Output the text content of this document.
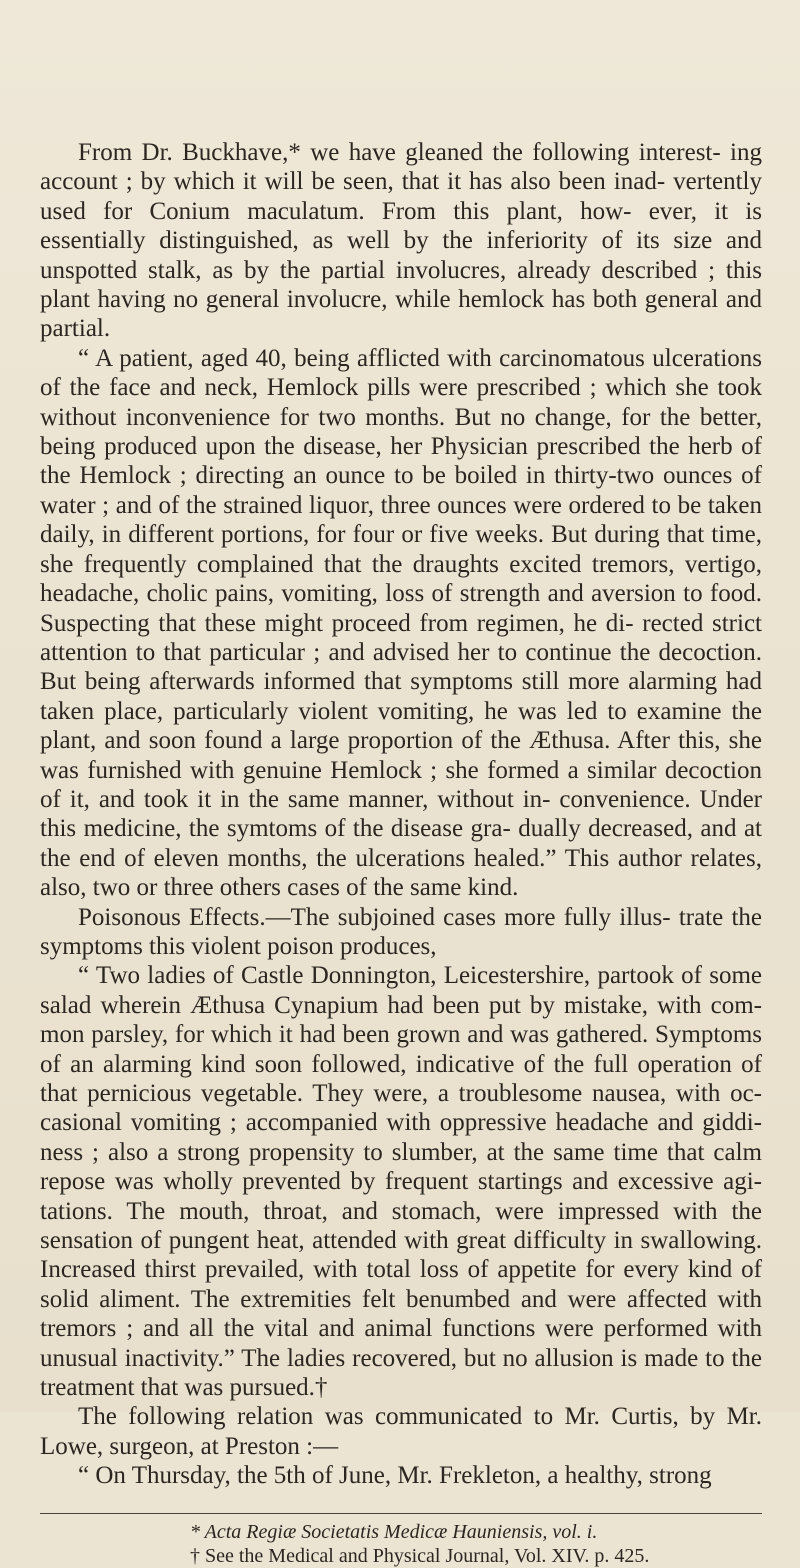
From Dr. Buckhave,* we have gleaned the following interest- ing account ; by which it will be seen, that it has also been inad- vertently used for Conium maculatum. From this plant, how- ever, it is essentially distinguished, as well by the inferiority of its size and unspotted stalk, as by the partial involucres, already described ; this plant having no general involucre, while hemlock has both general and partial.

“ A patient, aged 40, being afflicted with carcinomatous ulcerations of the face and neck, Hemlock pills were prescribed ; which she took without inconvenience for two months. But no change, for the better, being produced upon the disease, her Physician prescribed the herb of the Hemlock ; directing an ounce to be boiled in thirty-two ounces of water ; and of the strained liquor, three ounces were ordered to be taken daily, in different portions, for four or five weeks. But during that time, she frequently complained that the draughts excited tremors, vertigo, headache, cholic pains, vomiting, loss of strength and aversion to food. Suspecting that these might proceed from regimen, he di- rected strict attention to that particular ; and advised her to continue the decoction. But being afterwards informed that symptoms still more alarming had taken place, particularly violent vomiting, he was led to examine the plant, and soon found a large proportion of the Æthusa. After this, she was furnished with genuine Hemlock ; she formed a similar decoction of it, and took it in the same manner, without in- convenience. Under this medicine, the symtoms of the disease gra- dually decreased, and at the end of eleven months, the ulcerations healed.” This author relates, also, two or three others cases of the same kind.

Poisonous Effects.—The subjoined cases more fully illus- trate the symptoms this violent poison produces,

“ Two ladies of Castle Donnington, Leicestershire, partook of some salad wherein Æthusa Cynapium had been put by mistake, with com- mon parsley, for which it had been grown and was gathered. Symptoms of an alarming kind soon followed, indicative of the full operation of that pernicious vegetable. They were, a troublesome nausea, with oc- casional vomiting ; accompanied with oppressive headache and giddi- ness ; also a strong propensity to slumber, at the same time that calm repose was wholly prevented by frequent startings and excessive agi- tations. The mouth, throat, and stomach, were impressed with the sensation of pungent heat, attended with great difficulty in swallowing. Increased thirst prevailed, with total loss of appetite for every kind of solid aliment. The extremities felt benumbed and were affected with tremors ; and all the vital and animal functions were performed with unusual inactivity.” The ladies recovered, but no allusion is made to the treatment that was pursued.†

The following relation was communicated to Mr. Curtis, by Mr. Lowe, surgeon, at Preston :—

“ On Thursday, the 5th of June, Mr. Frekleton, a healthy, strong

* Acta Regiæ Societatis Medicæ Hauniensis, vol. i.
† See the Medical and Physical Journal, Vol. XIV. p. 425.
